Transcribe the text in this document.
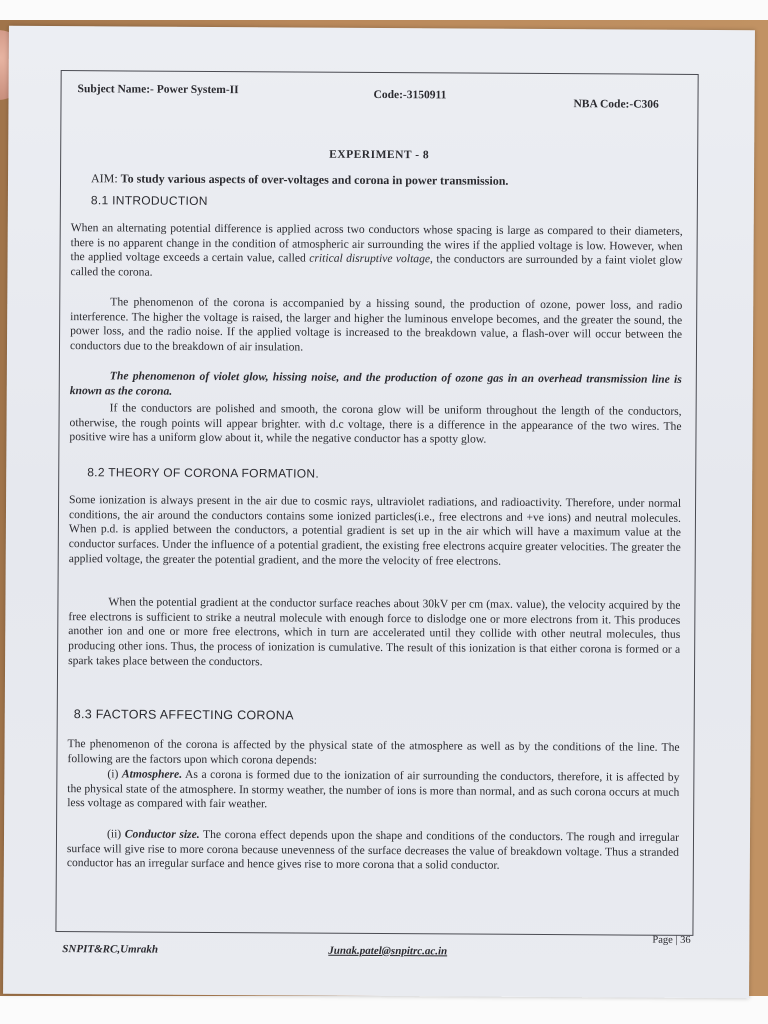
Subject Name:- Power System-II	Code:-3150911
NBA Code:-C306
EXPERIMENT - 8
AIM: To study various aspects of over-voltages and corona in power transmission.
8.1 INTRODUCTION
When an alternating potential difference is applied across two conductors whose spacing is large as compared to their diameters, there is no apparent change in the condition of atmospheric air surrounding the wires if the applied voltage is low. However, when the applied voltage exceeds a certain value, called critical disruptive voltage, the conductors are surrounded by a faint violet glow called the corona.
The phenomenon of the corona is accompanied by a hissing sound, the production of ozone, power loss, and radio interference. The higher the voltage is raised, the larger and higher the luminous envelope becomes, and the greater the sound, the power loss, and the radio noise. If the applied voltage is increased to the breakdown value, a flash-over will occur between the conductors due to the breakdown of air insulation.
The phenomenon of violet glow, hissing noise, and the production of ozone gas in an overhead transmission line is known as the corona.
If the conductors are polished and smooth, the corona glow will be uniform throughout the length of the conductors, otherwise, the rough points will appear brighter. with d.c voltage, there is a difference in the appearance of the two wires. The positive wire has a uniform glow about it, while the negative conductor has a spotty glow.
8.2 THEORY OF CORONA FORMATION.
Some ionization is always present in the air due to cosmic rays, ultraviolet radiations, and radioactivity. Therefore, under normal conditions, the air around the conductors contains some ionized particles(i.e., free electrons and +ve ions) and neutral molecules. When p.d. is applied between the conductors, a potential gradient is set up in the air which will have a maximum value at the conductor surfaces. Under the influence of a potential gradient, the existing free electrons acquire greater velocities. The greater the applied voltage, the greater the potential gradient, and the more the velocity of free electrons.
When the potential gradient at the conductor surface reaches about 30kV per cm (max. value), the velocity acquired by the free electrons is sufficient to strike a neutral molecule with enough force to dislodge one or more electrons from it. This produces another ion and one or more free electrons, which in turn are accelerated until they collide with other neutral molecules, thus producing other ions. Thus, the process of ionization is cumulative. The result of this ionization is that either corona is formed or a spark takes place between the conductors.
8.3 FACTORS AFFECTING CORONA
The phenomenon of the corona is affected by the physical state of the atmosphere as well as by the conditions of the line. The following are the factors upon which corona depends:
(i) Atmosphere. As a corona is formed due to the ionization of air surrounding the conductors, therefore, it is affected by the physical state of the atmosphere. In stormy weather, the number of ions is more than normal, and as such corona occurs at much less voltage as compared with fair weather.
(ii) Conductor size. The corona effect depends upon the shape and conditions of the conductors. The rough and irregular surface will give rise to more corona because unevenness of the surface decreases the value of breakdown voltage. Thus a stranded conductor has an irregular surface and hence gives rise to more corona that a solid conductor.
SNPIT&RC,Umrakh	Junak.patel@snpitrc.ac.in
Page | 36
